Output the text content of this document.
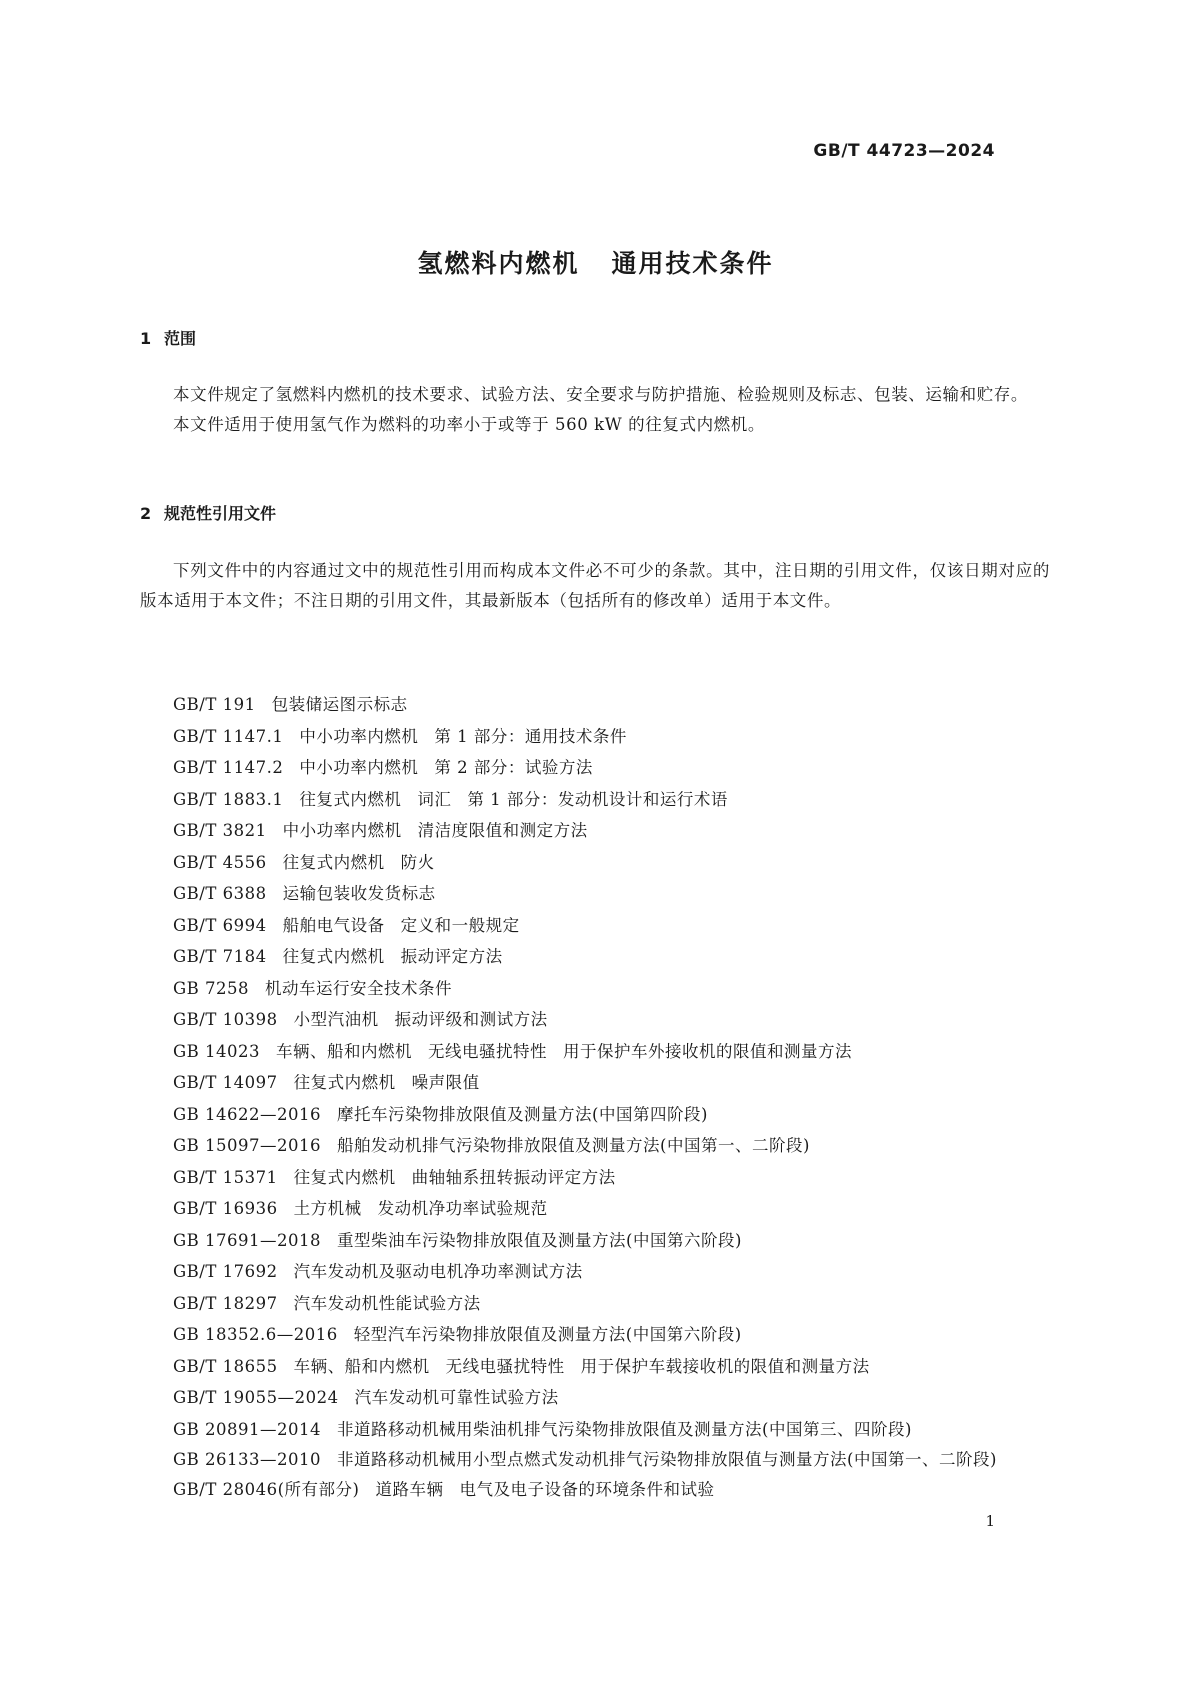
GB/T 44723—2024
氢燃料内燃机 通用技术条件
1 范围

本文件规定了氢燃料内燃机的技术要求、试验方法、安全要求与防护措施、检验规则及标志、包装、运输和贮存。

本文件适用于使用氢气作为燃料的功率小于或等于 560 kW 的往复式内燃机。

2 规范性引用文件

下列文件中的内容通过文中的规范性引用而构成本文件必不可少的条款。其中，注日期的引用文件，仅该日期对应的版本适用于本文件；不注日期的引用文件，其最新版本（包括所有的修改单）适用于本文件。

GB/T 191 包装储运图示标志
GB/T 1147.1 中小功率内燃机 第 1 部分：通用技术条件
GB/T 1147.2 中小功率内燃机 第 2 部分：试验方法
GB/T 1883.1 往复式内燃机 词汇 第 1 部分：发动机设计和运行术语
GB/T 3821 中小功率内燃机 清洁度限值和测定方法
GB/T 4556 往复式内燃机 防火
GB/T 6388 运输包装收发货标志
GB/T 6994 船舶电气设备 定义和一般规定
GB/T 7184 往复式内燃机 振动评定方法
GB 7258 机动车运行安全技术条件
GB/T 10398 小型汽油机 振动评级和测试方法
GB 14023 车辆、船和内燃机 无线电骚扰特性 用于保护车外接收机的限值和测量方法
GB/T 14097 往复式内燃机 噪声限值
GB 14622—2016 摩托车污染物排放限值及测量方法(中国第四阶段)
GB 15097—2016 船舶发动机排气污染物排放限值及测量方法(中国第一、二阶段)
GB/T 15371 往复式内燃机 曲轴轴系扭转振动评定方法
GB/T 16936 土方机械 发动机净功率试验规范
GB 17691—2018 重型柴油车污染物排放限值及测量方法(中国第六阶段)
GB/T 17692 汽车发动机及驱动电机净功率测试方法
GB/T 18297 汽车发动机性能试验方法
GB 18352.6—2016 轻型汽车污染物排放限值及测量方法(中国第六阶段)
GB/T 18655 车辆、船和内燃机 无线电骚扰特性 用于保护车载接收机的限值和测量方法
GB/T 19055—2024 汽车发动机可靠性试验方法
GB 20891—2014 非道路移动机械用柴油机排气污染物排放限值及测量方法(中国第三、四阶段)
GB 26133—2010 非道路移动机械用小型点燃式发动机排气污染物排放限值与测量方法(中国第一、二阶段)
GB/T 28046(所有部分) 道路车辆 电气及电子设备的环境条件和试验
1
